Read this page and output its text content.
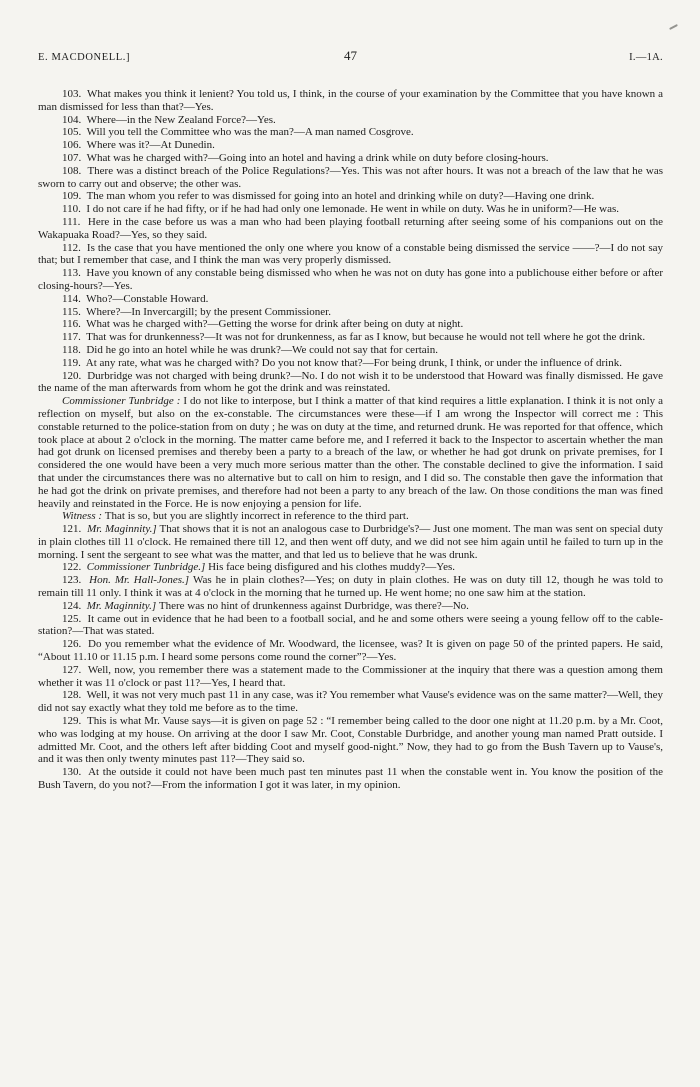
E. MACDONELL.]	47	I.—1A.

103.  What makes you think it lenient? You told us, I think, in the course of your examination by the Committee that you have known a man dismissed for less than that?—Yes.

104.  Where—in the New Zealand Force?—Yes.

105.  Will you tell the Committee who was the man?—A man named Cosgrove.

106.  Where was it?—At Dunedin.

107.  What was he charged with?—Going into an hotel and having a drink while on duty before closing-hours.

108.  There was a distinct breach of the Police Regulations?—Yes. This was not after hours. It was not a breach of the law that he was sworn to carry out and observe; the other was.

109.  The man whom you refer to was dismissed for going into an hotel and drinking while on duty?—Having one drink.

110.  I do not care if he had fifty, or if he had had only one lemonade. He went in while on duty. Was he in uniform?—He was.

111.  Here in the case before us was a man who had been playing football returning after seeing some of his companions out on the Wakapuaka Road?—Yes, so they said.

112.  Is the case that you have mentioned the only one where you know of a constable being dismissed the service ——?—I do not say that; but I remember that case, and I think the man was very properly dismissed.

113.  Have you known of any constable being dismissed who when he was not on duty has gone into a publichouse either before or after closing-hours?—Yes.

114.  Who?—Constable Howard.

115.  Where?—In Invercargill; by the present Commissioner.

116.  What was he charged with?—Getting the worse for drink after being on duty at night.

117.  That was for drunkenness?—It was not for drunkenness, as far as I know, but because he would not tell where he got the drink.

118.  Did he go into an hotel while he was drunk?—We could not say that for certain.

119.  At any rate, what was he charged with? Do you not know that?—For being drunk, I think, or under the influence of drink.

120.  Durbridge was not charged with being drunk?—No. I do not wish it to be understood that Howard was finally dismissed. He gave the name of the man afterwards from whom he got the drink and was reinstated.

Commissioner Tunbridge : I do not like to interpose, but I think a matter of that kind requires a little explanation. I think it is not only a reflection on myself, but also on the ex-constable. The circumstances were these—if I am wrong the Inspector will correct me : This constable returned to the police-station from on duty ; he was on duty at the time, and returned drunk. He was reported for that offence, which took place at about 2 o'clock in the morning. The matter came before me, and I referred it back to the Inspector to ascertain whether the man had got drunk on licensed premises and thereby been a party to a breach of the law, or whether he had got drunk on private premises, for I considered the one would have been a very much more serious matter than the other. The constable declined to give the information. I said that under the circumstances there was no alternative but to call on him to resign, and I did so. The constable then gave the information that he had got the drink on private premises, and therefore had not been a party to any breach of the law. On those conditions the man was fined heavily and reinstated in the Force. He is now enjoying a pension for life.

Witness : That is so, but you are slightly incorrect in reference to the third part.

121.  Mr. Maginnity.] That shows that it is not an analogous case to Durbridge's?— Just one moment. The man was sent on special duty in plain clothes till 11 o'clock. He remained there till 12, and then went off duty, and we did not see him again until he failed to turn up in the morning. I sent the sergeant to see what was the matter, and that led us to believe that he was drunk.

122.  Commissioner Tunbridge.] His face being disfigured and his clothes muddy?—Yes.

123.  Hon. Mr. Hall-Jones.] Was he in plain clothes?—Yes; on duty in plain clothes. He was on duty till 12, though he was told to remain till 11 only. I think it was at 4 o'clock in the morning that he turned up. He went home; no one saw him at the station.

124.  Mr. Maginnity.] There was no hint of drunkenness against Durbridge, was there?—No.

125.  It came out in evidence that he had been to a football social, and he and some others were seeing a young fellow off to the cable-station?—That was stated.

126.  Do you remember what the evidence of Mr. Woodward, the licensee, was? It is given on page 50 of the printed papers. He said, “About 11.10 or 11.15 p.m. I heard some persons come round the corner”?—Yes.

127.  Well, now, you remember there was a statement made to the Commissioner at the inquiry that there was a question among them whether it was 11 o'clock or past 11?—Yes, I heard that.

128.  Well, it was not very much past 11 in any case, was it? You remember what Vause's evidence was on the same matter?—Well, they did not say exactly what they told me before as to the time.

129.  This is what Mr. Vause says—it is given on page 52 : “I remember being called to the door one night at 11.20 p.m. by a Mr. Coot, who was lodging at my house. On arriving at the door I saw Mr. Coot, Constable Durbridge, and another young man named Pratt outside. I admitted Mr. Coot, and the others left after bidding Coot and myself good-night.” Now, they had to go from the Bush Tavern up to Vause's, and it was then only twenty minutes past 11?—They said so.

130.  At the outside it could not have been much past ten minutes past 11 when the constable went in. You know the position of the Bush Tavern, do you not?—From the information I got it was later, in my opinion.
